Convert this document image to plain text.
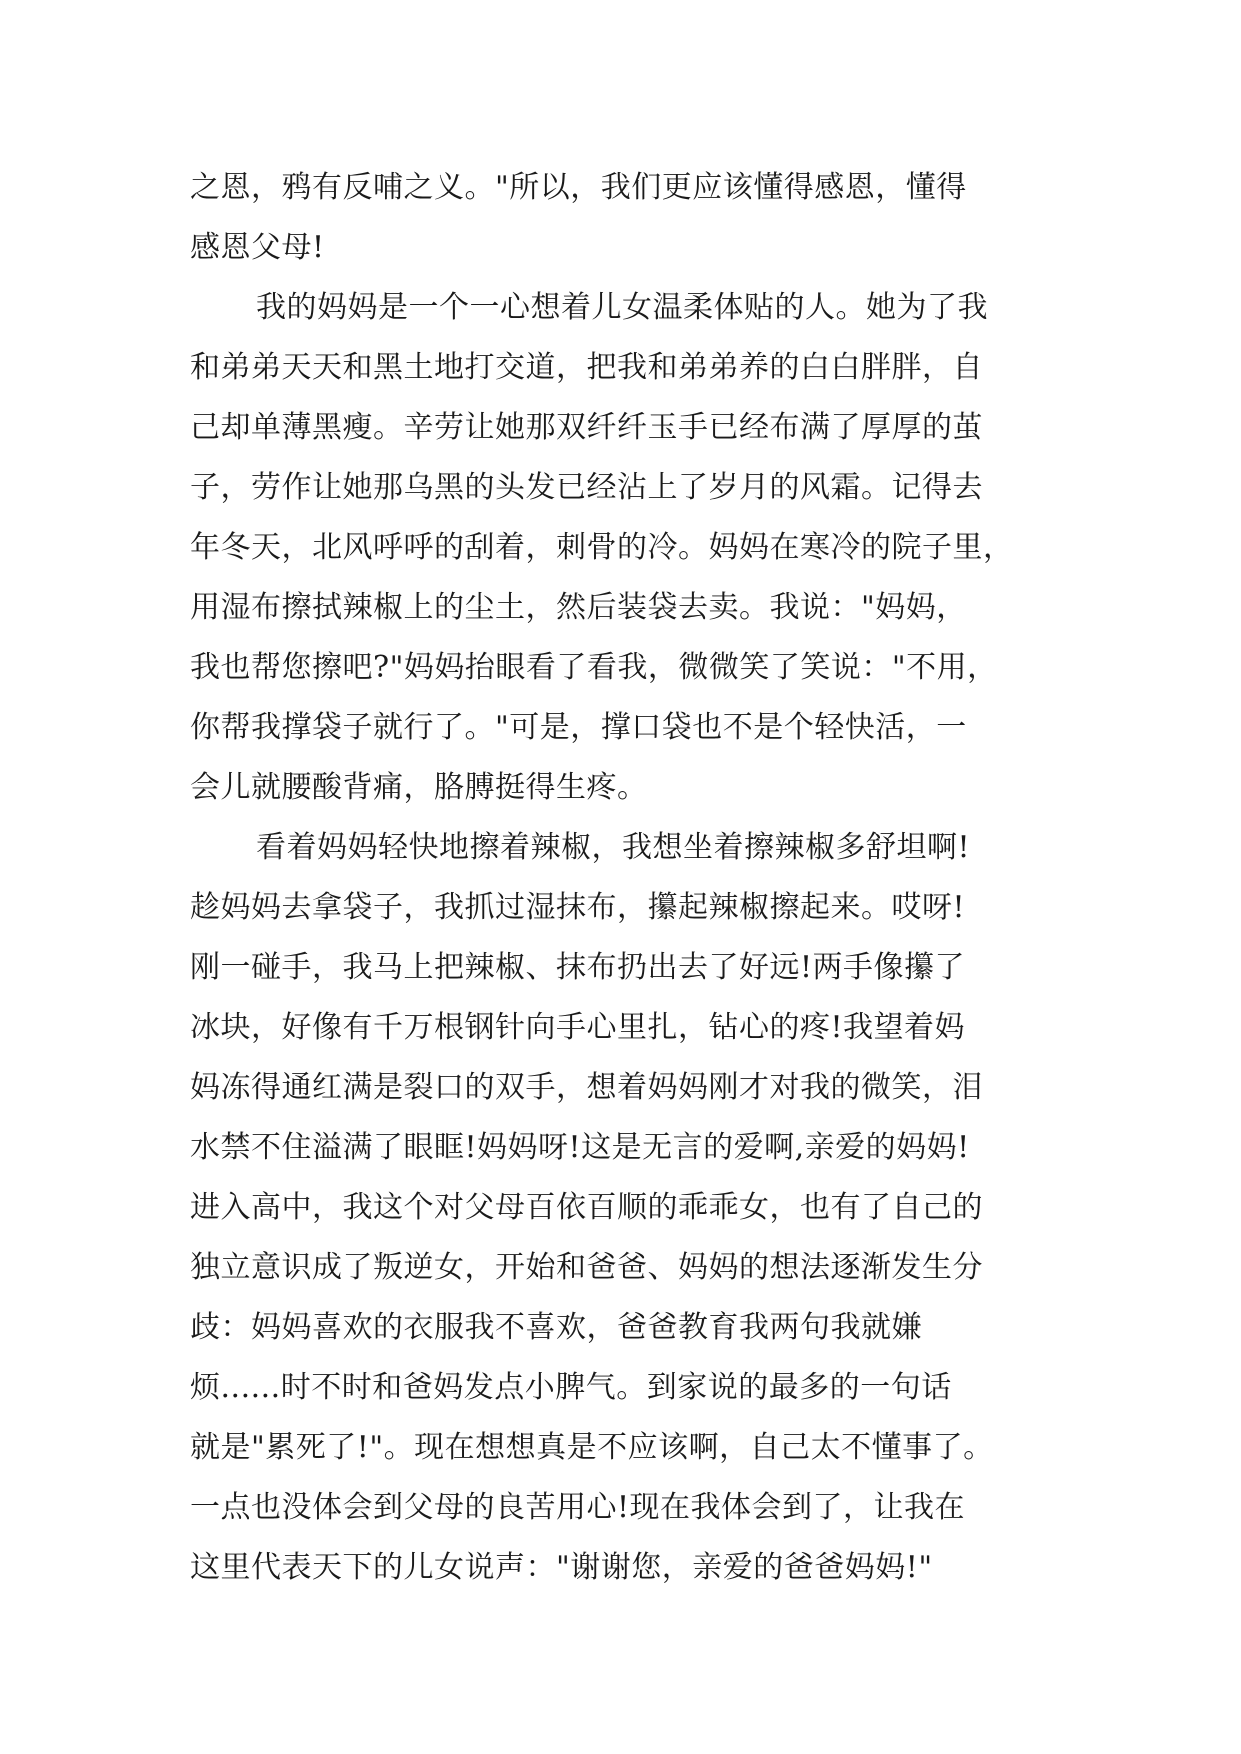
之恩，鸦有反哺之义。"所以，我们更应该懂得感恩，懂得
感恩父母!
我的妈妈是一个一心想着儿女温柔体贴的人。她为了我
和弟弟天天和黑土地打交道，把我和弟弟养的白白胖胖，自
己却单薄黑瘦。辛劳让她那双纤纤玉手已经布满了厚厚的茧
子，劳作让她那乌黑的头发已经沾上了岁月的风霜。记得去
年冬天，北风呼呼的刮着，刺骨的冷。妈妈在寒冷的院子里，
用湿布擦拭辣椒上的尘土，然后装袋去卖。我说："妈妈，
我也帮您擦吧?"妈妈抬眼看了看我，微微笑了笑说："不用，
你帮我撑袋子就行了。"可是，撑口袋也不是个轻快活，一
会儿就腰酸背痛，胳膊挺得生疼。
看着妈妈轻快地擦着辣椒，我想坐着擦辣椒多舒坦啊!
趁妈妈去拿袋子，我抓过湿抹布，攥起辣椒擦起来。哎呀!
刚一碰手，我马上把辣椒、抹布扔出去了好远!两手像攥了
冰块，好像有千万根钢针向手心里扎，钻心的疼!我望着妈
妈冻得通红满是裂口的双手，想着妈妈刚才对我的微笑，泪
水禁不住溢满了眼眶!妈妈呀!这是无言的爱啊,亲爱的妈妈!
进入高中，我这个对父母百依百顺的乖乖女，也有了自己的
独立意识成了叛逆女，开始和爸爸、妈妈的想法逐渐发生分
歧：妈妈喜欢的衣服我不喜欢，爸爸教育我两句我就嫌
烦......时不时和爸妈发点小脾气。到家说的最多的一句话
就是"累死了!"。现在想想真是不应该啊，自己太不懂事了。
一点也没体会到父母的良苦用心!现在我体会到了，让我在
这里代表天下的儿女说声："谢谢您，亲爱的爸爸妈妈!"
